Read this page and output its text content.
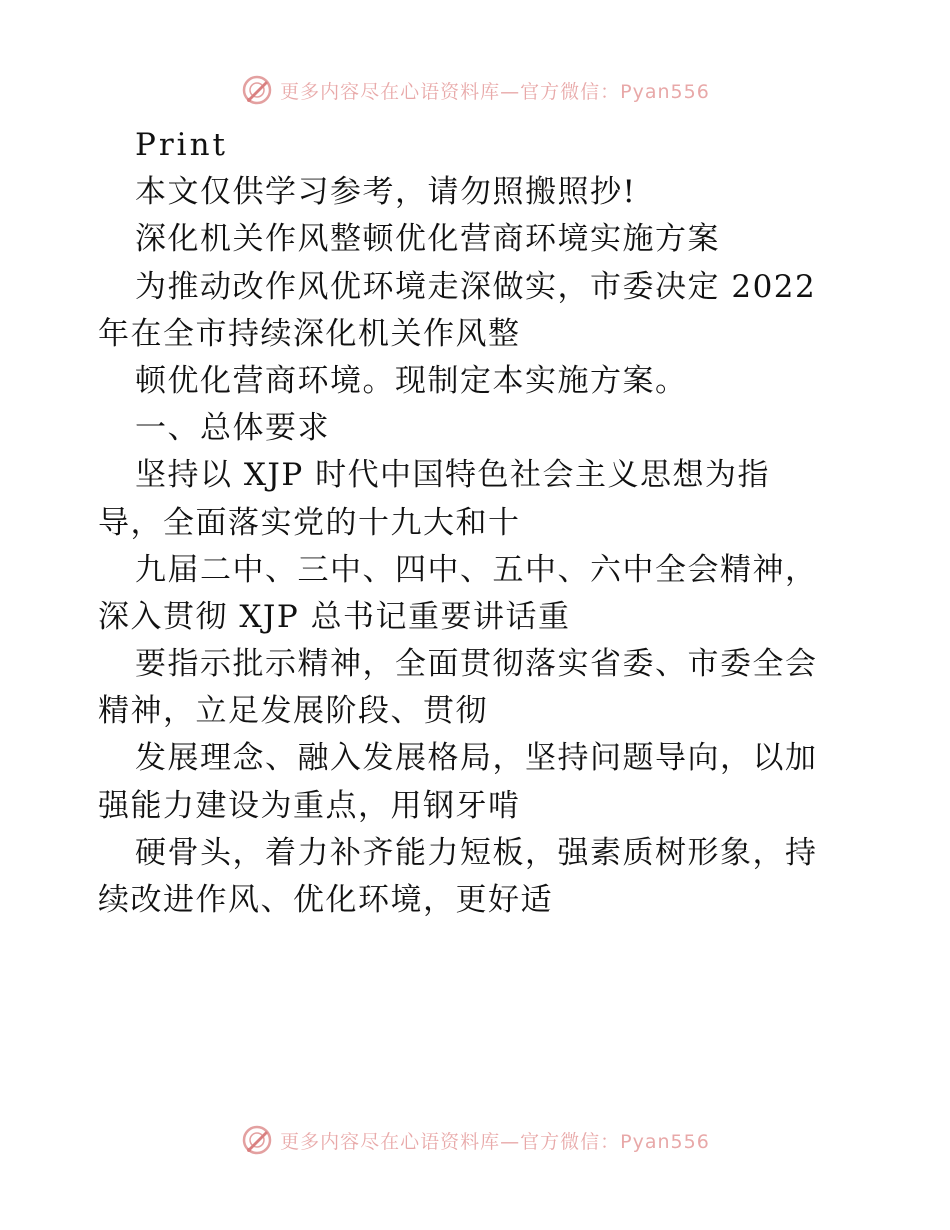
更多内容尽在心语资料库—官方微信：Pyan556
Print
本文仅供学习参考，请勿照搬照抄!
深化机关作风整顿优化营商环境实施方案
为推动改作风优环境走深做实，市委决定 2022
年在全市持续深化机关作风整
顿优化营商环境。现制定本实施方案。
一、总体要求
坚持以 XJP 时代中国特色社会主义思想为指
导，全面落实党的十九大和十
九届二中、三中、四中、五中、六中全会精神，
深入贯彻 XJP 总书记重要讲话重
要指示批示精神，全面贯彻落实省委、市委全会
精神，立足发展阶段、贯彻
发展理念、融入发展格局，坚持问题导向，以加
强能力建设为重点，用钢牙啃
硬骨头，着力补齐能力短板，强素质树形象，持
续改进作风、优化环境，更好适
更多内容尽在心语资料库—官方微信：Pyan556
